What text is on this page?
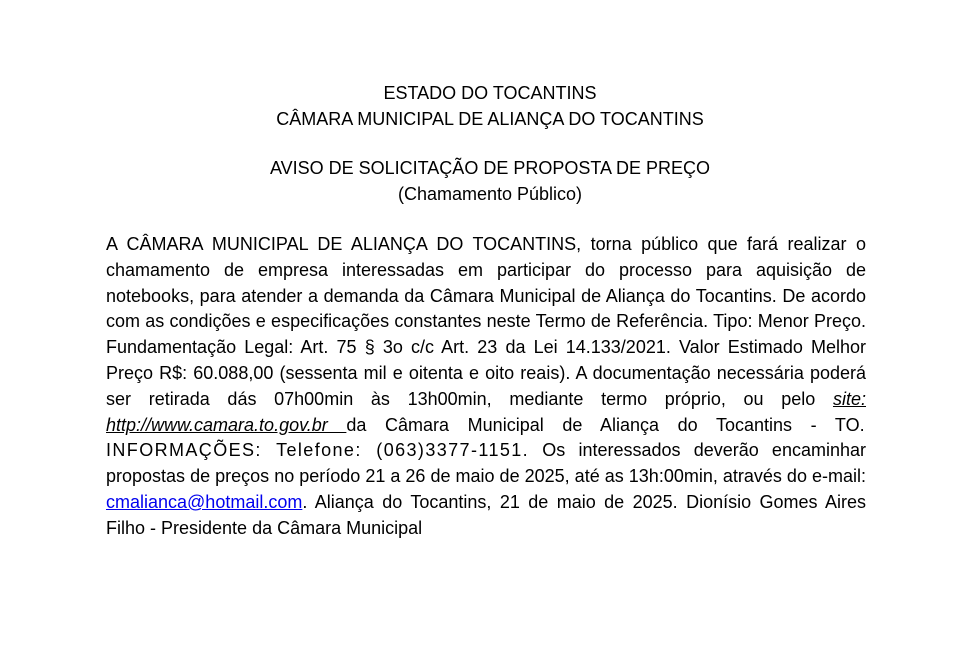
ESTADO DO TOCANTINS
CÂMARA MUNICIPAL DE ALIANÇA DO TOCANTINS
AVISO DE SOLICITAÇÃO DE PROPOSTA DE PREÇO
(Chamamento Público)
A CÂMARA MUNICIPAL DE ALIANÇA DO TOCANTINS, torna público que fará realizar o chamamento de empresa interessadas em participar do processo para aquisição de notebooks, para atender a demanda da Câmara Municipal de Aliança do Tocantins. De acordo com as condições e especificações constantes neste Termo de Referência. Tipo: Menor Preço. Fundamentação Legal: Art. 75 § 3o c/c Art. 23 da Lei 14.133/2021. Valor Estimado Melhor Preço R$: 60.088,00 (sessenta mil e oitenta e oito reais). A documentação necessária poderá ser retirada dás 07h00min às 13h00min, mediante termo próprio, ou pelo site: http://www.camara.to.gov.br da Câmara Municipal de Aliança do Tocantins - TO. INFORMAÇÕES: Telefone: (063)3377-1151. Os interessados deverão encaminhar propostas de preços no período 21 a 26 de maio de 2025, até as 13h:00min, através do e-mail: cmalianca@hotmail.com. Aliança do Tocantins, 21 de maio de 2025. Dionísio Gomes Aires Filho - Presidente da Câmara Municipal
